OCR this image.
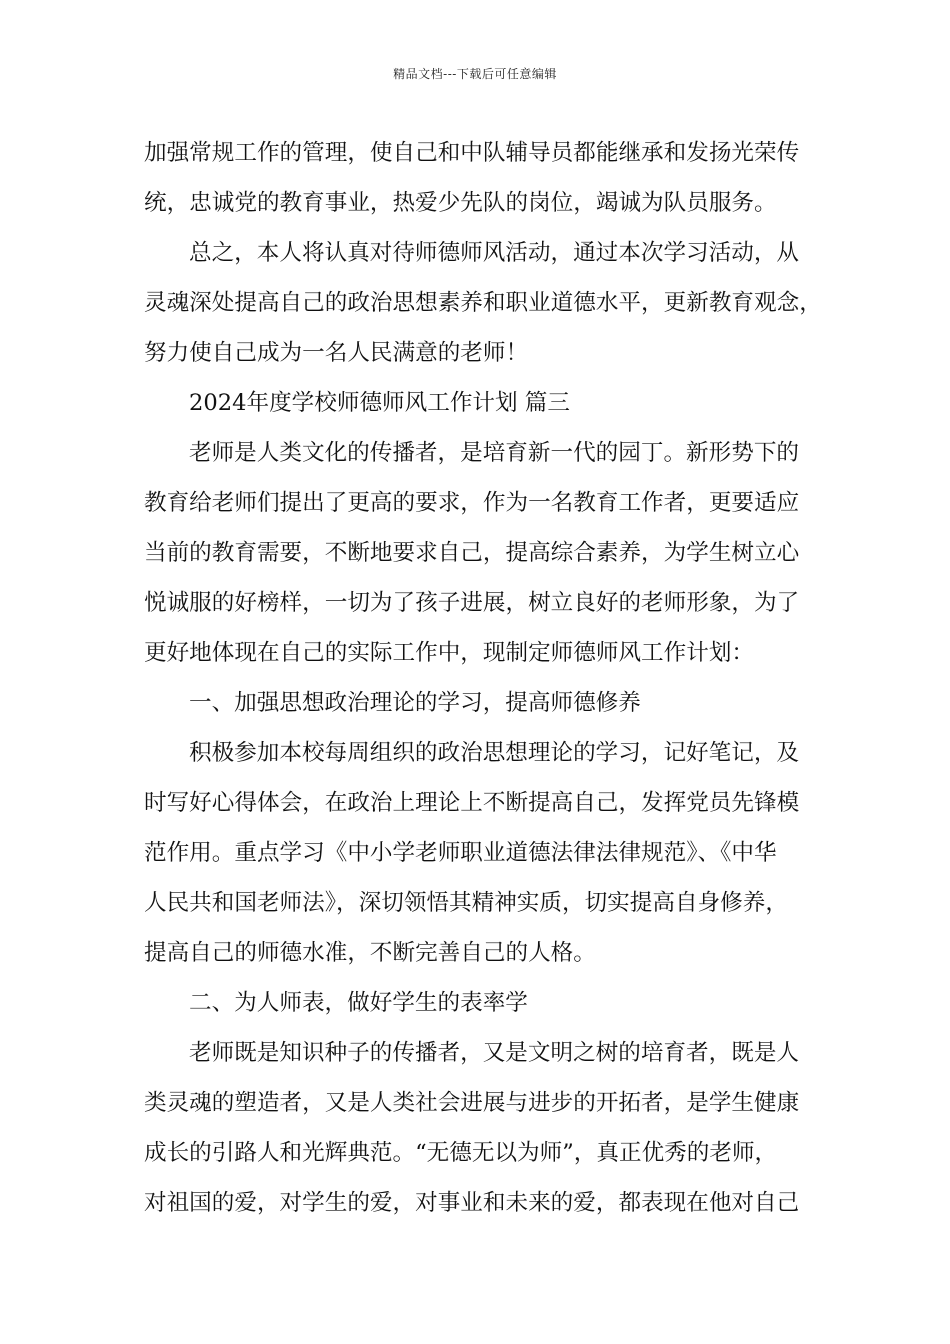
精品文档---下载后可任意编辑
加强常规工作的管理，使自己和中队辅导员都能继承和发扬光荣传
统，忠诚党的教育事业，热爱少先队的岗位，竭诚为队员服务。
总之，本人将认真对待师德师风活动，通过本次学习活动，从
灵魂深处提高自己的政治思想素养和职业道德水平，更新教育观念，
努力使自己成为一名人民满意的老师！
2024年度学校师德师风工作计划 篇三
老师是人类文化的传播者，是培育新一代的园丁。新形势下的
教育给老师们提出了更高的要求，作为一名教育工作者，更要适应
当前的教育需要，不断地要求自己，提高综合素养，为学生树立心
悦诚服的好榜样，一切为了孩子进展，树立良好的老师形象，为了
更好地体现在自己的实际工作中，现制定师德师风工作计划：
一、加强思想政治理论的学习，提高师德修养
积极参加本校每周组织的政治思想理论的学习，记好笔记，及
时写好心得体会，在政治上理论上不断提高自己，发挥党员先锋模
范作用。重点学习《中小学老师职业道德法律法律规范》、《中华
人民共和国老师法》，深切领悟其精神实质，切实提高自身修养，
提高自己的师德水准，不断完善自己的人格。
二、为人师表，做好学生的表率学
老师既是知识种子的传播者，又是文明之树的培育者，既是人
类灵魂的塑造者，又是人类社会进展与进步的开拓者，是学生健康
成长的引路人和光辉典范。“无德无以为师”，真正优秀的老师，
对祖国的爱，对学生的爱，对事业和未来的爱，都表现在他对自己
